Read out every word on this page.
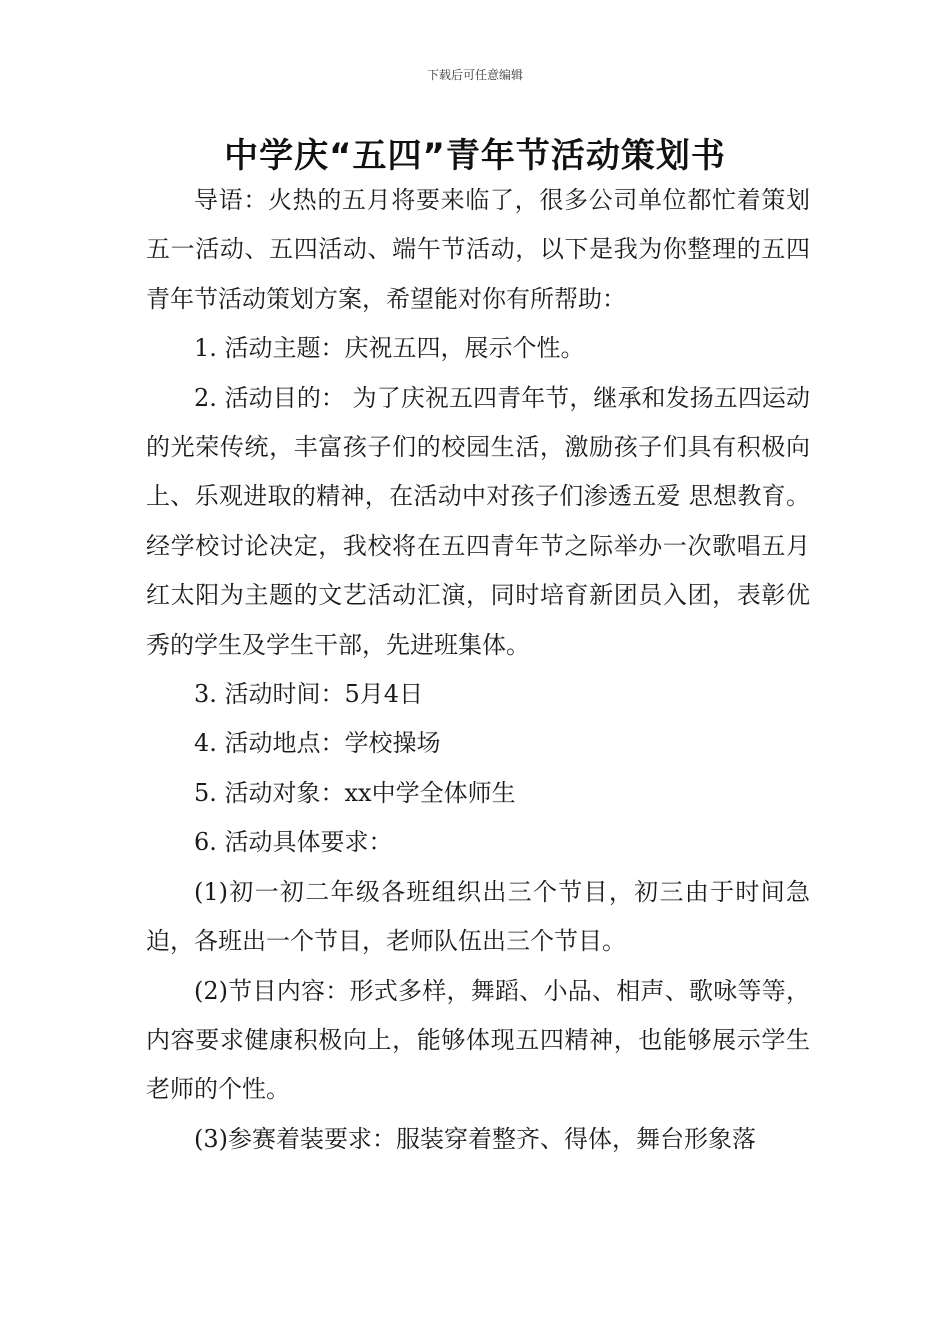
下载后可任意编辑
中学庆“五四”青年节活动策划书

导语：火热的五月将要来临了，很多公司单位都忙着策划五一活动、五四活动、端午节活动，以下是我为你整理的五四青年节活动策划方案，希望能对你有所帮助：

1. 活动主题：庆祝五四，展示个性。

2. 活动目的： 为了庆祝五四青年节，继承和发扬五四运动的光荣传统，丰富孩子们的校园生活，激励孩子们具有积极向上、乐观进取的精神，在活动中对孩子们渗透五爱 思想教育。经学校讨论决定，我校将在五四青年节之际举办一次歌唱五月红太阳为主题的文艺活动汇演，同时培育新团员入团，表彰优秀的学生及学生干部，先进班集体。

3. 活动时间：5月4日

4. 活动地点：学校操场

5. 活动对象：xx中学全体师生

6. 活动具体要求：

(1)初一初二年级各班组织出三个节目，初三由于时间急迫，各班出一个节目，老师队伍出三个节目。

(2)节目内容：形式多样，舞蹈、小品、相声、歌咏等等，内容要求健康积极向上，能够体现五四精神，也能够展示学生老师的个性。

(3)参赛着装要求：服装穿着整齐、得体，舞台形象落
